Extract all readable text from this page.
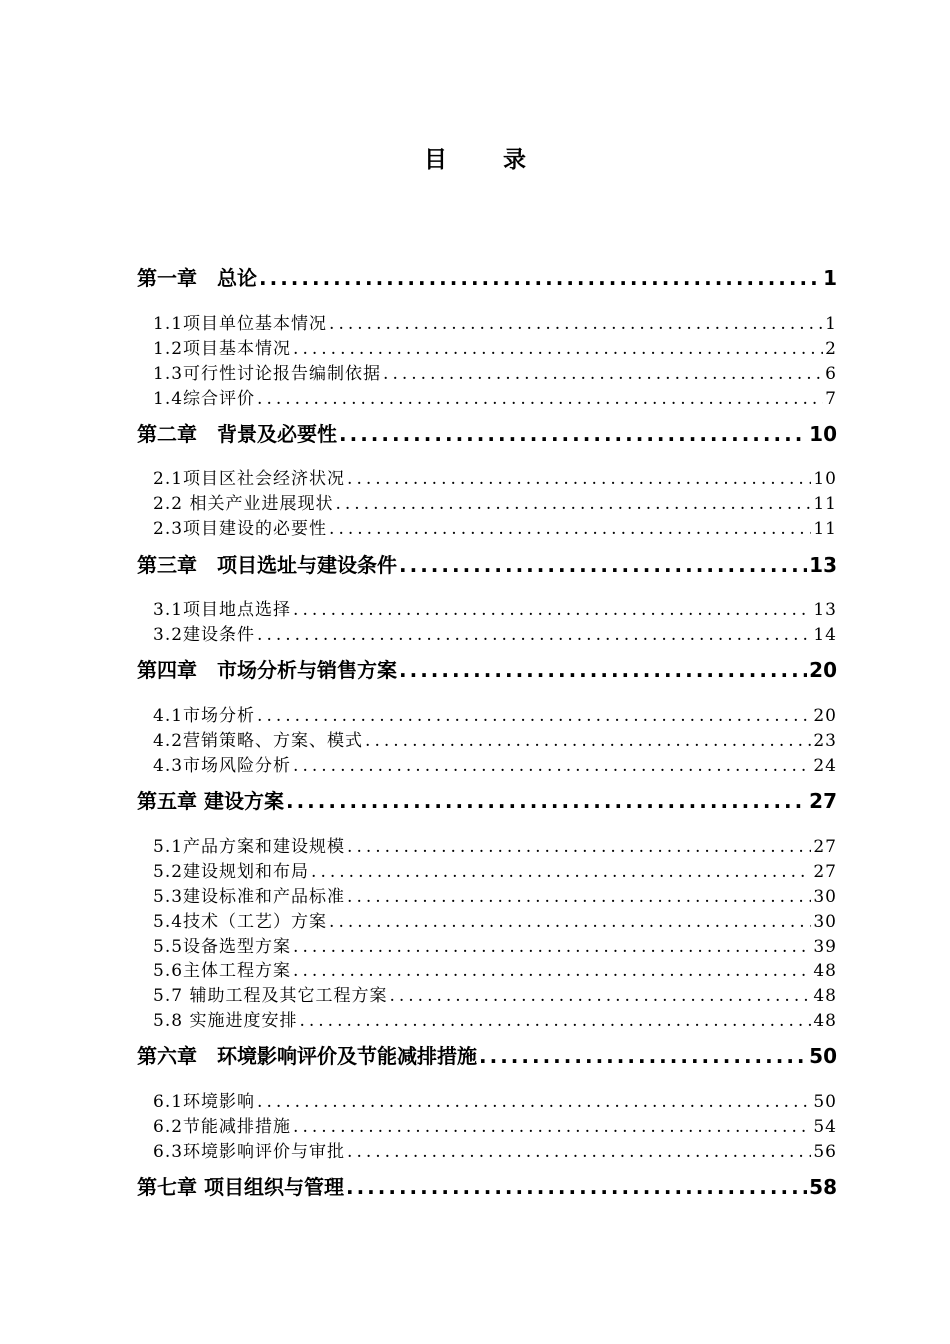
目 录
第一章　总论 .....	1
1.1项目单位基本情况 .....	1
1.2项目基本情况 .....	2
1.3可行性讨论报告编制依据 .....	6
1.4综合评价 .....	7
第二章　背景及必要性 .....	10
2.1项目区社会经济状况 .....	10
2.2 相关产业进展现状 .....	11
2.3项目建设的必要性 .....	11
第三章　项目选址与建设条件 .....	13
3.1项目地点选择 .....	13
3.2建设条件 .....	14
第四章　市场分析与销售方案 .....	20
4.1市场分析 .....	20
4.2营销策略、方案、模式 .....	23
4.3市场风险分析 .....	24
第五章 建设方案 .....	27
5.1产品方案和建设规模 .....	27
5.2建设规划和布局 .....	27
5.3建设标准和产品标准 .....	30
5.4技术（工艺）方案 .....	30
5.5设备选型方案 .....	39
5.6主体工程方案 .....	48
5.7 辅助工程及其它工程方案 .....	48
5.8 实施进度安排 .....	48
第六章　环境影响评价及节能减排措施 .....	50
6.1环境影响 .....	50
6.2节能减排措施 .....	54
6.3环境影响评价与审批 .....	56
第七章 项目组织与管理 .....	58
